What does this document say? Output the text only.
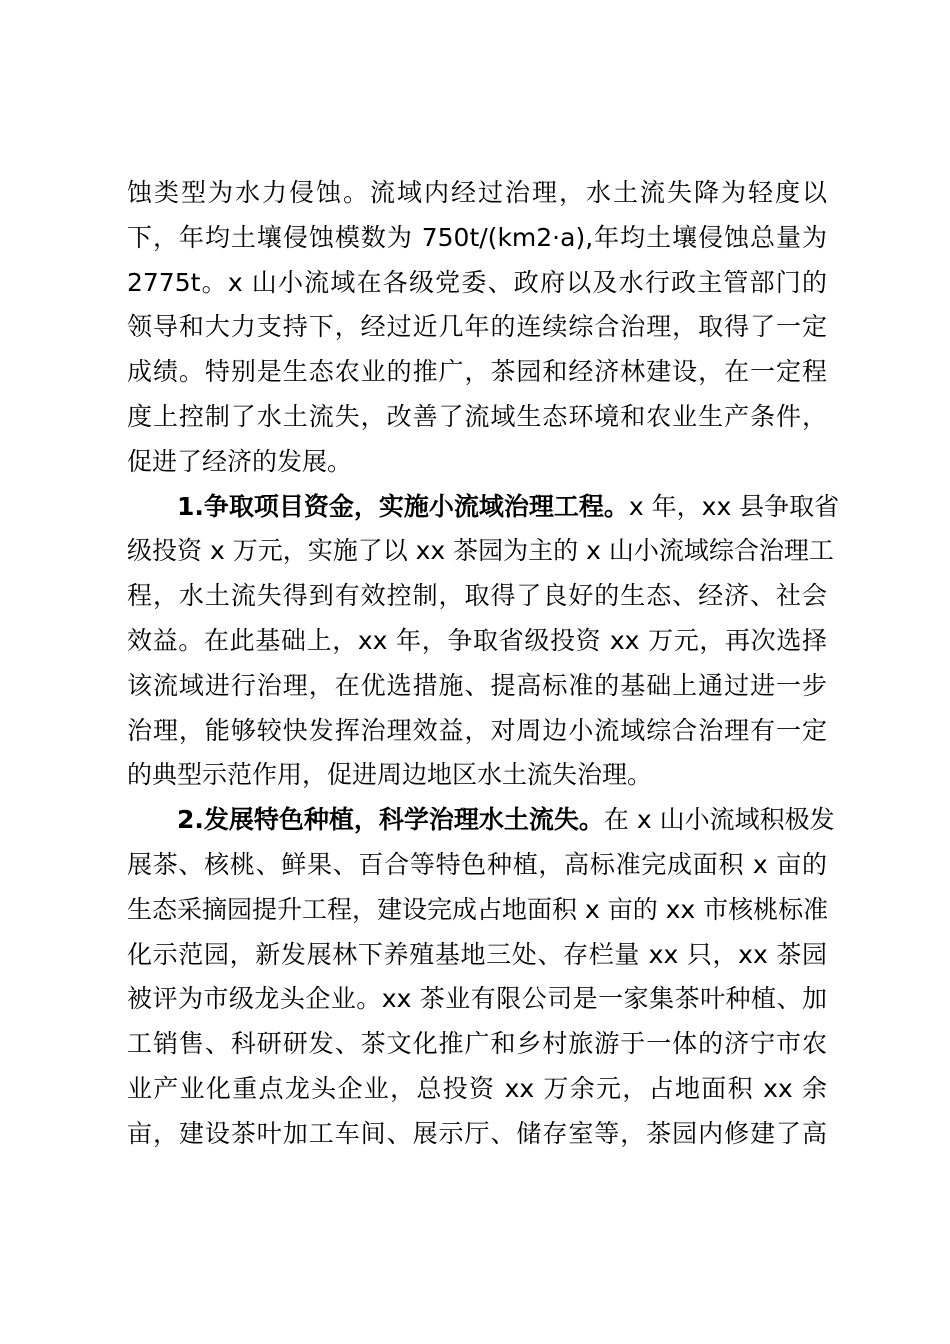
蚀类型为水力侵蚀。流域内经过治理，水土流失降为轻度以
下，年均土壤侵蚀模数为 750t/(km2·a),年均土壤侵蚀总量为
2775t。x 山小流域在各级党委、政府以及水行政主管部门的
领导和大力支持下，经过近几年的连续综合治理，取得了一定
成绩。特别是生态农业的推广，茶园和经济林建设，在一定程
度上控制了水土流失，改善了流域生态环境和农业生产条件，
促进了经济的发展。
1.争取项目资金，实施小流域治理工程。x 年，xx 县争取省
级投资 x 万元，实施了以 xx 茶园为主的 x 山小流域综合治理工
程，水土流失得到有效控制，取得了良好的生态、经济、社会
效益。在此基础上，xx 年，争取省级投资 xx 万元，再次选择
该流域进行治理，在优选措施、提高标准的基础上通过进一步
治理，能够较快发挥治理效益，对周边小流域综合治理有一定
的典型示范作用，促进周边地区水土流失治理。
2.发展特色种植，科学治理水土流失。在 x 山小流域积极发
展茶、核桃、鲜果、百合等特色种植，高标准完成面积 x 亩的
生态采摘园提升工程，建设完成占地面积 x 亩的 xx 市核桃标准
化示范园，新发展林下养殖基地三处、存栏量 xx 只，xx 茶园
被评为市级龙头企业。xx 茶业有限公司是一家集茶叶种植、加
工销售、科研研发、茶文化推广和乡村旅游于一体的济宁市农
业产业化重点龙头企业，总投资 xx 万余元，占地面积 xx 余
亩，建设茶叶加工车间、展示厅、储存室等，茶园内修建了高
